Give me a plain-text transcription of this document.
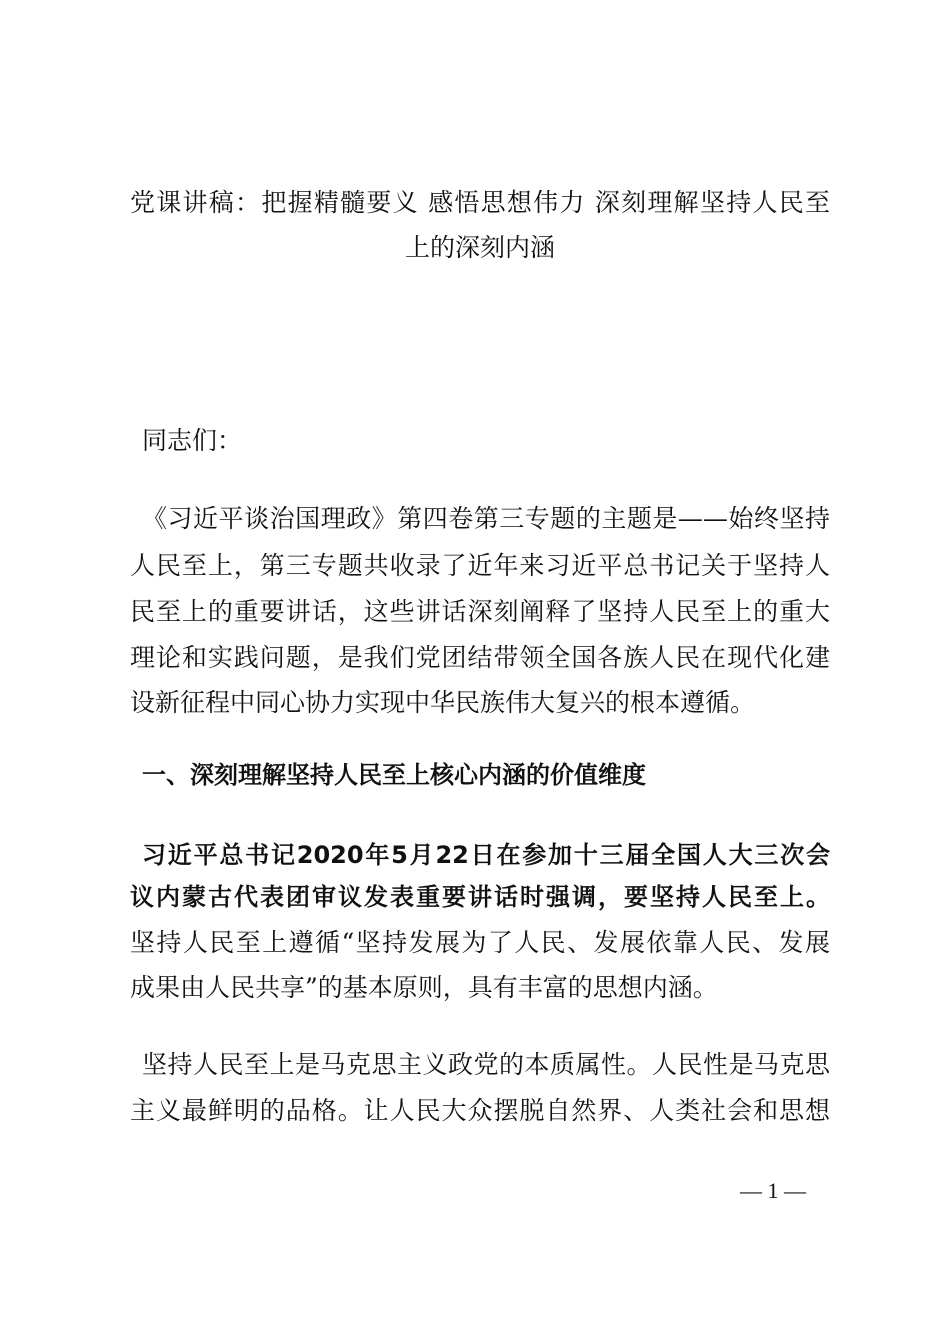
党课讲稿：把握精髓要义 感悟思想伟力 深刻理解坚持人民至
上的深刻内涵
同志们：
《习近平谈治国理政》第四卷第三专题的主题是——始终坚持
人民至上，第三专题共收录了近年来习近平总书记关于坚持人
民至上的重要讲话，这些讲话深刻阐释了坚持人民至上的重大
理论和实践问题，是我们党团结带领全国各族人民在现代化建
设新征程中同心协力实现中华民族伟大复兴的根本遵循。
一、深刻理解坚持人民至上核心内涵的价值维度
习近平总书记2020年5月22日在参加十三届全国人大三次会
议内蒙古代表团审议发表重要讲话时强调，要坚持人民至上。
坚持人民至上遵循“坚持发展为了人民、发展依靠人民、发展
成果由人民共享”的基本原则，具有丰富的思想内涵。
坚持人民至上是马克思主义政党的本质属性。人民性是马克思
主义最鲜明的品格。让人民大众摆脱自然界、人类社会和思想
— 1 —
